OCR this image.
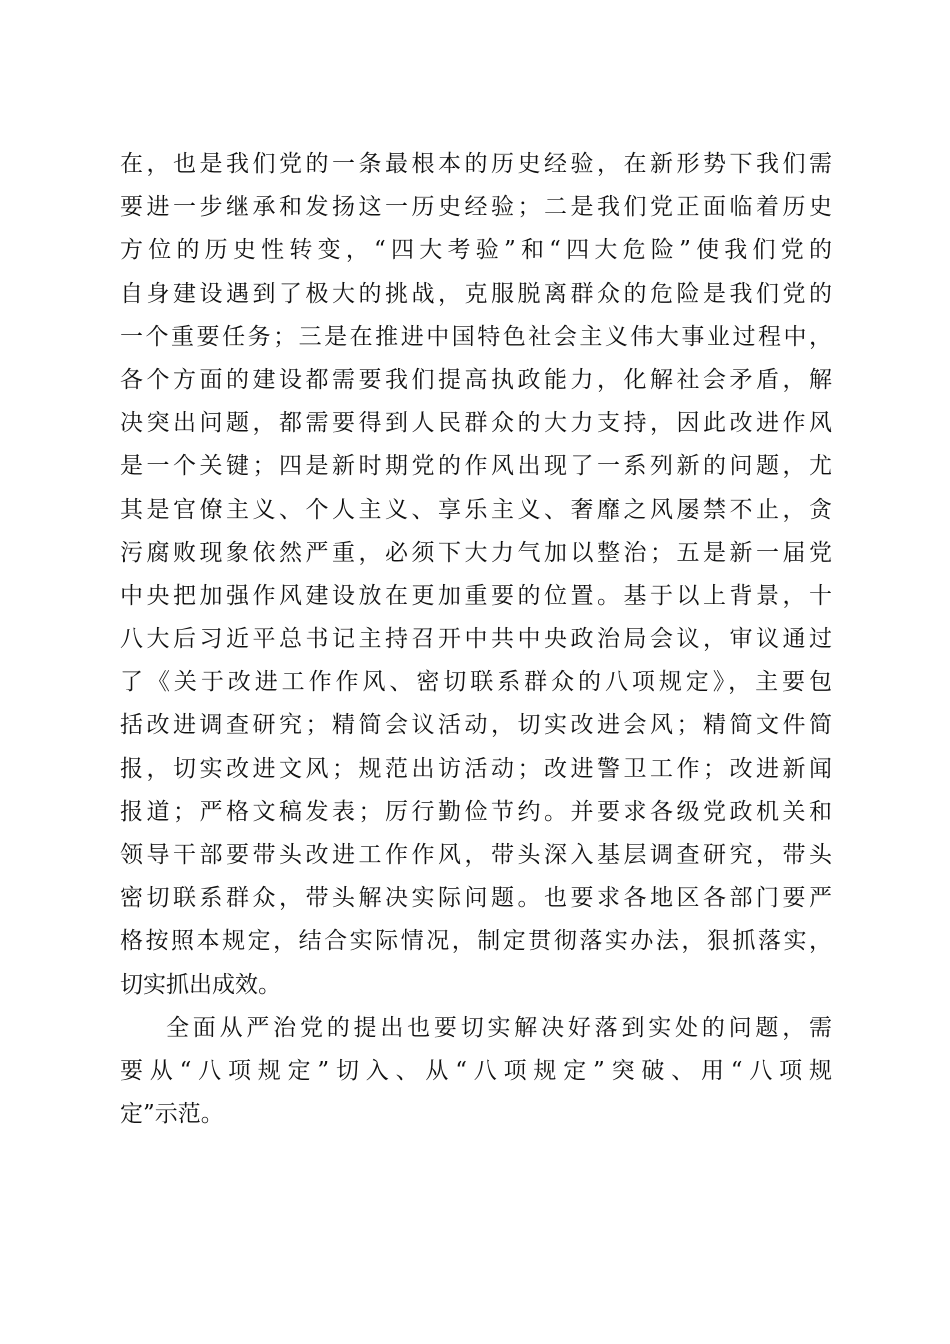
在，也是我们党的一条最根本的历史经验，在新形势下我们需
要进一步继承和发扬这一历史经验；二是我们党正面临着历史
方位的历史性转变，“四大考验”和“四大危险”使我们党的
自身建设遇到了极大的挑战，克服脱离群众的危险是我们党的
一个重要任务；三是在推进中国特色社会主义伟大事业过程中，
各个方面的建设都需要我们提高执政能力，化解社会矛盾，解
决突出问题，都需要得到人民群众的大力支持，因此改进作风
是一个关键；四是新时期党的作风出现了一系列新的问题，尤
其是官僚主义、个人主义、享乐主义、奢靡之风屡禁不止，贪
污腐败现象依然严重，必须下大力气加以整治；五是新一届党
中央把加强作风建设放在更加重要的位置。基于以上背景，十
八大后习近平总书记主持召开中共中央政治局会议，审议通过
了《关于改进工作作风、密切联系群众的八项规定》，主要包
括改进调查研究；精简会议活动，切实改进会风；精简文件简
报，切实改进文风；规范出访活动；改进警卫工作；改进新闻
报道；严格文稿发表；厉行勤俭节约。并要求各级党政机关和
领导干部要带头改进工作作风，带头深入基层调查研究，带头
密切联系群众，带头解决实际问题。也要求各地区各部门要严
格按照本规定，结合实际情况，制定贯彻落实办法，狠抓落实，
切实抓出成效。
全面从严治党的提出也要切实解决好落到实处的问题，需
要从“八项规定”切入、从“八项规定”突破、用“八项规
定”示范。
